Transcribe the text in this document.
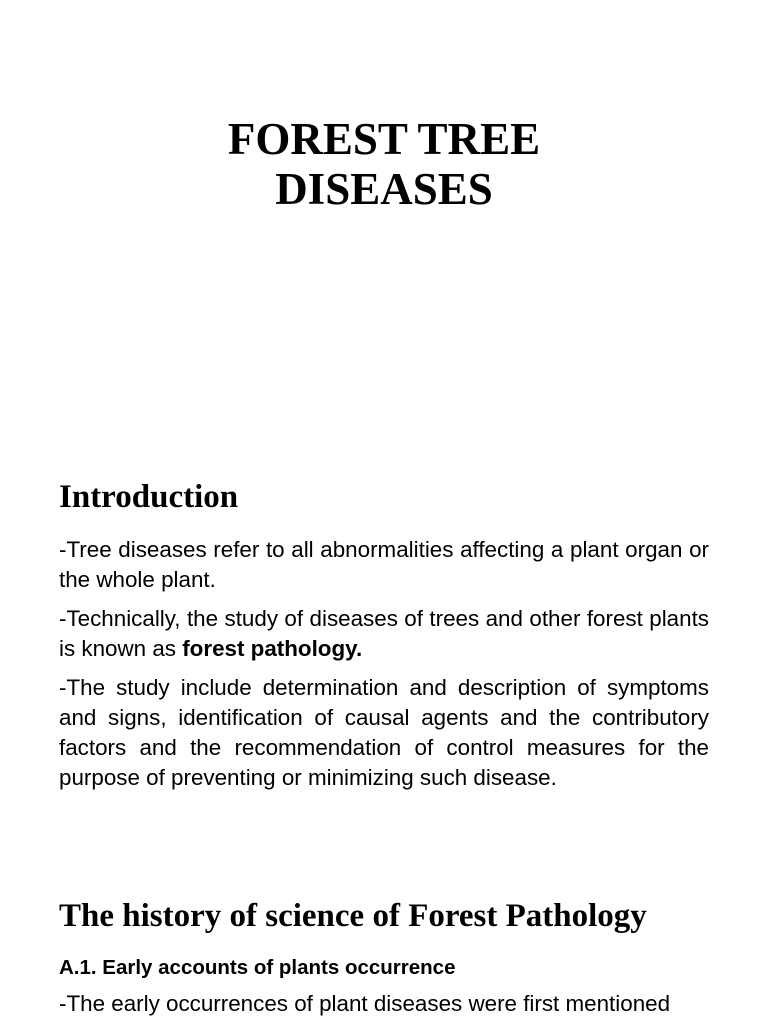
FOREST TREE
DISEASES
Introduction

-Tree diseases refer to all abnormalities affecting a plant organ or the whole plant.

-Technically, the study of diseases of trees and other forest plants is known as forest pathology.

-The study include determination and description of symptoms and signs, identification of causal agents and the contributory factors and the recommendation of control measures for the purpose of preventing or minimizing such disease.

The history of science of Forest Pathology

A.1. Early accounts of plants occurrence

-The early occurrences of plant diseases were first mentioned
